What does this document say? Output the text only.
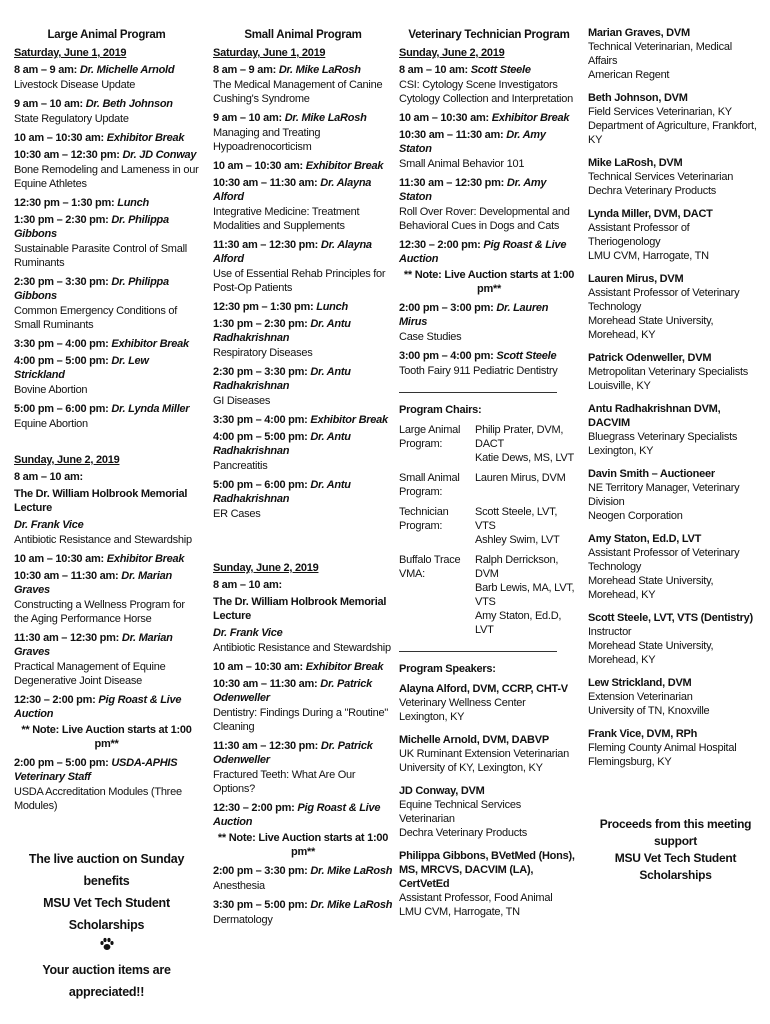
Large Animal Program
Saturday, June 1, 2019
8 am – 9 am: Dr. Michelle Arnold
Livestock Disease Update
9 am – 10 am: Dr. Beth Johnson
State Regulatory Update
10 am – 10:30 am: Exhibitor Break
10:30 am – 12:30 pm: Dr. JD Conway
Bone Remodeling and Lameness in our Equine Athletes
12:30 pm – 1:30 pm: Lunch
1:30 pm – 2:30 pm: Dr. Philippa Gibbons
Sustainable Parasite Control of Small Ruminants
2:30 pm – 3:30 pm: Dr. Philippa Gibbons
Common Emergency Conditions of Small Ruminants
3:30 pm – 4:00 pm: Exhibitor Break
4:00 pm – 5:00 pm: Dr. Lew Strickland
Bovine Abortion
5:00 pm – 6:00 pm: Dr. Lynda Miller
Equine Abortion
Sunday, June 2, 2019
8 am – 10 am:
The Dr. William Holbrook Memorial Lecture
Dr. Frank Vice
Antibiotic Resistance and Stewardship
10 am – 10:30 am: Exhibitor Break
10:30 am – 11:30 am: Dr. Marian Graves
Constructing a Wellness Program for the Aging Performance Horse
11:30 am – 12:30 pm: Dr. Marian Graves
Practical Management of Equine Degenerative Joint Disease
12:30 – 2:00 pm: Pig Roast & Live Auction
** Note: Live Auction starts at 1:00 pm**
2:00 pm – 5:00 pm: USDA-APHIS Veterinary Staff
USDA Accreditation Modules (Three Modules)
The live auction on Sunday benefits
MSU Vet Tech Student Scholarships
Your auction items are appreciated!!
Small Animal Program
Saturday, June 1, 2019
8 am – 9 am: Dr. Mike LaRosh
The Medical Management of Canine Cushing's Syndrome
9 am – 10 am: Dr. Mike LaRosh
Managing and Treating Hypoadrenocorticism
10 am – 10:30 am: Exhibitor Break
10:30 am – 11:30 am: Dr. Alayna Alford
Integrative Medicine: Treatment Modalities and Supplements
11:30 am – 12:30 pm: Dr. Alayna Alford
Use of Essential Rehab Principles for Post-Op Patients
12:30 pm – 1:30 pm: Lunch
1:30 pm – 2:30 pm: Dr. Antu Radhakrishnan
Respiratory Diseases
2:30 pm – 3:30 pm: Dr. Antu Radhakrishnan
GI Diseases
3:30 pm – 4:00 pm: Exhibitor Break
4:00 pm – 5:00 pm: Dr. Antu Radhakrishnan
Pancreatitis
5:00 pm – 6:00 pm: Dr. Antu Radhakrishnan
ER Cases
Sunday, June 2, 2019
8 am – 10 am:
The Dr. William Holbrook Memorial Lecture
Dr. Frank Vice
Antibiotic Resistance and Stewardship
10 am – 10:30 am: Exhibitor Break
10:30 am – 11:30 am: Dr. Patrick Odenweller
Dentistry: Findings During a "Routine" Cleaning
11:30 am – 12:30 pm: Dr. Patrick Odenweller
Fractured Teeth: What Are Our Options?
12:30 – 2:00 pm: Pig Roast & Live Auction
** Note: Live Auction starts at 1:00 pm**
2:00 pm – 3:30 pm: Dr. Mike LaRosh
Anesthesia
3:30 pm – 5:00 pm: Dr. Mike LaRosh
Dermatology
Veterinary Technician Program
Sunday, June 2, 2019
8 am – 10 am: Scott Steele
CSI: Cytology Scene Investigators Cytology Collection and Interpretation
10 am – 10:30 am: Exhibitor Break
10:30 am – 11:30 am: Dr. Amy Staton
Small Animal Behavior 101
11:30 am – 12:30 pm: Dr. Amy Staton
Roll Over Rover: Developmental and Behavioral Cues in Dogs and Cats
12:30 – 2:00 pm: Pig Roast & Live Auction
** Note: Live Auction starts at 1:00 pm**
2:00 pm – 3:00 pm: Dr. Lauren Mirus
Case Studies
3:00 pm – 4:00 pm: Scott Steele
Tooth Fairy 911 Pediatric Dentistry
Program Chairs:
Large Animal Program:
Philip Prater, DVM, DACT
Katie Dews, MS, LVT
Small Animal Program:
Lauren Mirus, DVM
Technician Program:
Scott Steele, LVT, VTS
Ashley Swim, LVT
Buffalo Trace VMA:
Ralph Derrickson, DVM
Barb Lewis, MA, LVT, VTS
Amy Staton, Ed.D, LVT
Program Speakers:
Alayna Alford, DVM, CCRP, CHT-V
Veterinary Wellness Center
Lexington, KY
Michelle Arnold, DVM, DABVP
UK Ruminant Extension Veterinarian
University of KY, Lexington, KY
JD Conway, DVM
Equine Technical Services Veterinarian
Dechra Veterinary Products
Philippa Gibbons, BVetMed (Hons), MS, MRCVS, DACVIM (LA), CertVetEd
Assistant Professor, Food Animal
LMU CVM, Harrogate, TN
Marian Graves, DVM
Technical Veterinarian, Medical Affairs
American Regent
Beth Johnson, DVM
Field Services Veterinarian, KY Department of Agriculture, Frankfort, KY
Mike LaRosh, DVM
Technical Services Veterinarian
Dechra Veterinary Products
Lynda Miller, DVM, DACT
Assistant Professor of Theriogenology
LMU CVM, Harrogate, TN
Lauren Mirus, DVM
Assistant Professor of Veterinary Technology
Morehead State University, Morehead, KY
Patrick Odenweller, DVM
Metropolitan Veterinary Specialists
Louisville, KY
Antu Radhakrishnan DVM, DACVIM
Bluegrass Veterinary Specialists
Lexington, KY
Davin Smith – Auctioneer
NE Territory Manager, Veterinary Division
Neogen Corporation
Amy Staton, Ed.D, LVT
Assistant Professor of Veterinary Technology
Morehead State University, Morehead, KY
Scott Steele, LVT, VTS (Dentistry)
Instructor
Morehead State University, Morehead, KY
Lew Strickland, DVM
Extension Veterinarian
University of TN, Knoxville
Frank Vice, DVM, RPh
Fleming County Animal Hospital
Flemingsburg, KY
Proceeds from this meeting support
MSU Vet Tech Student Scholarships
